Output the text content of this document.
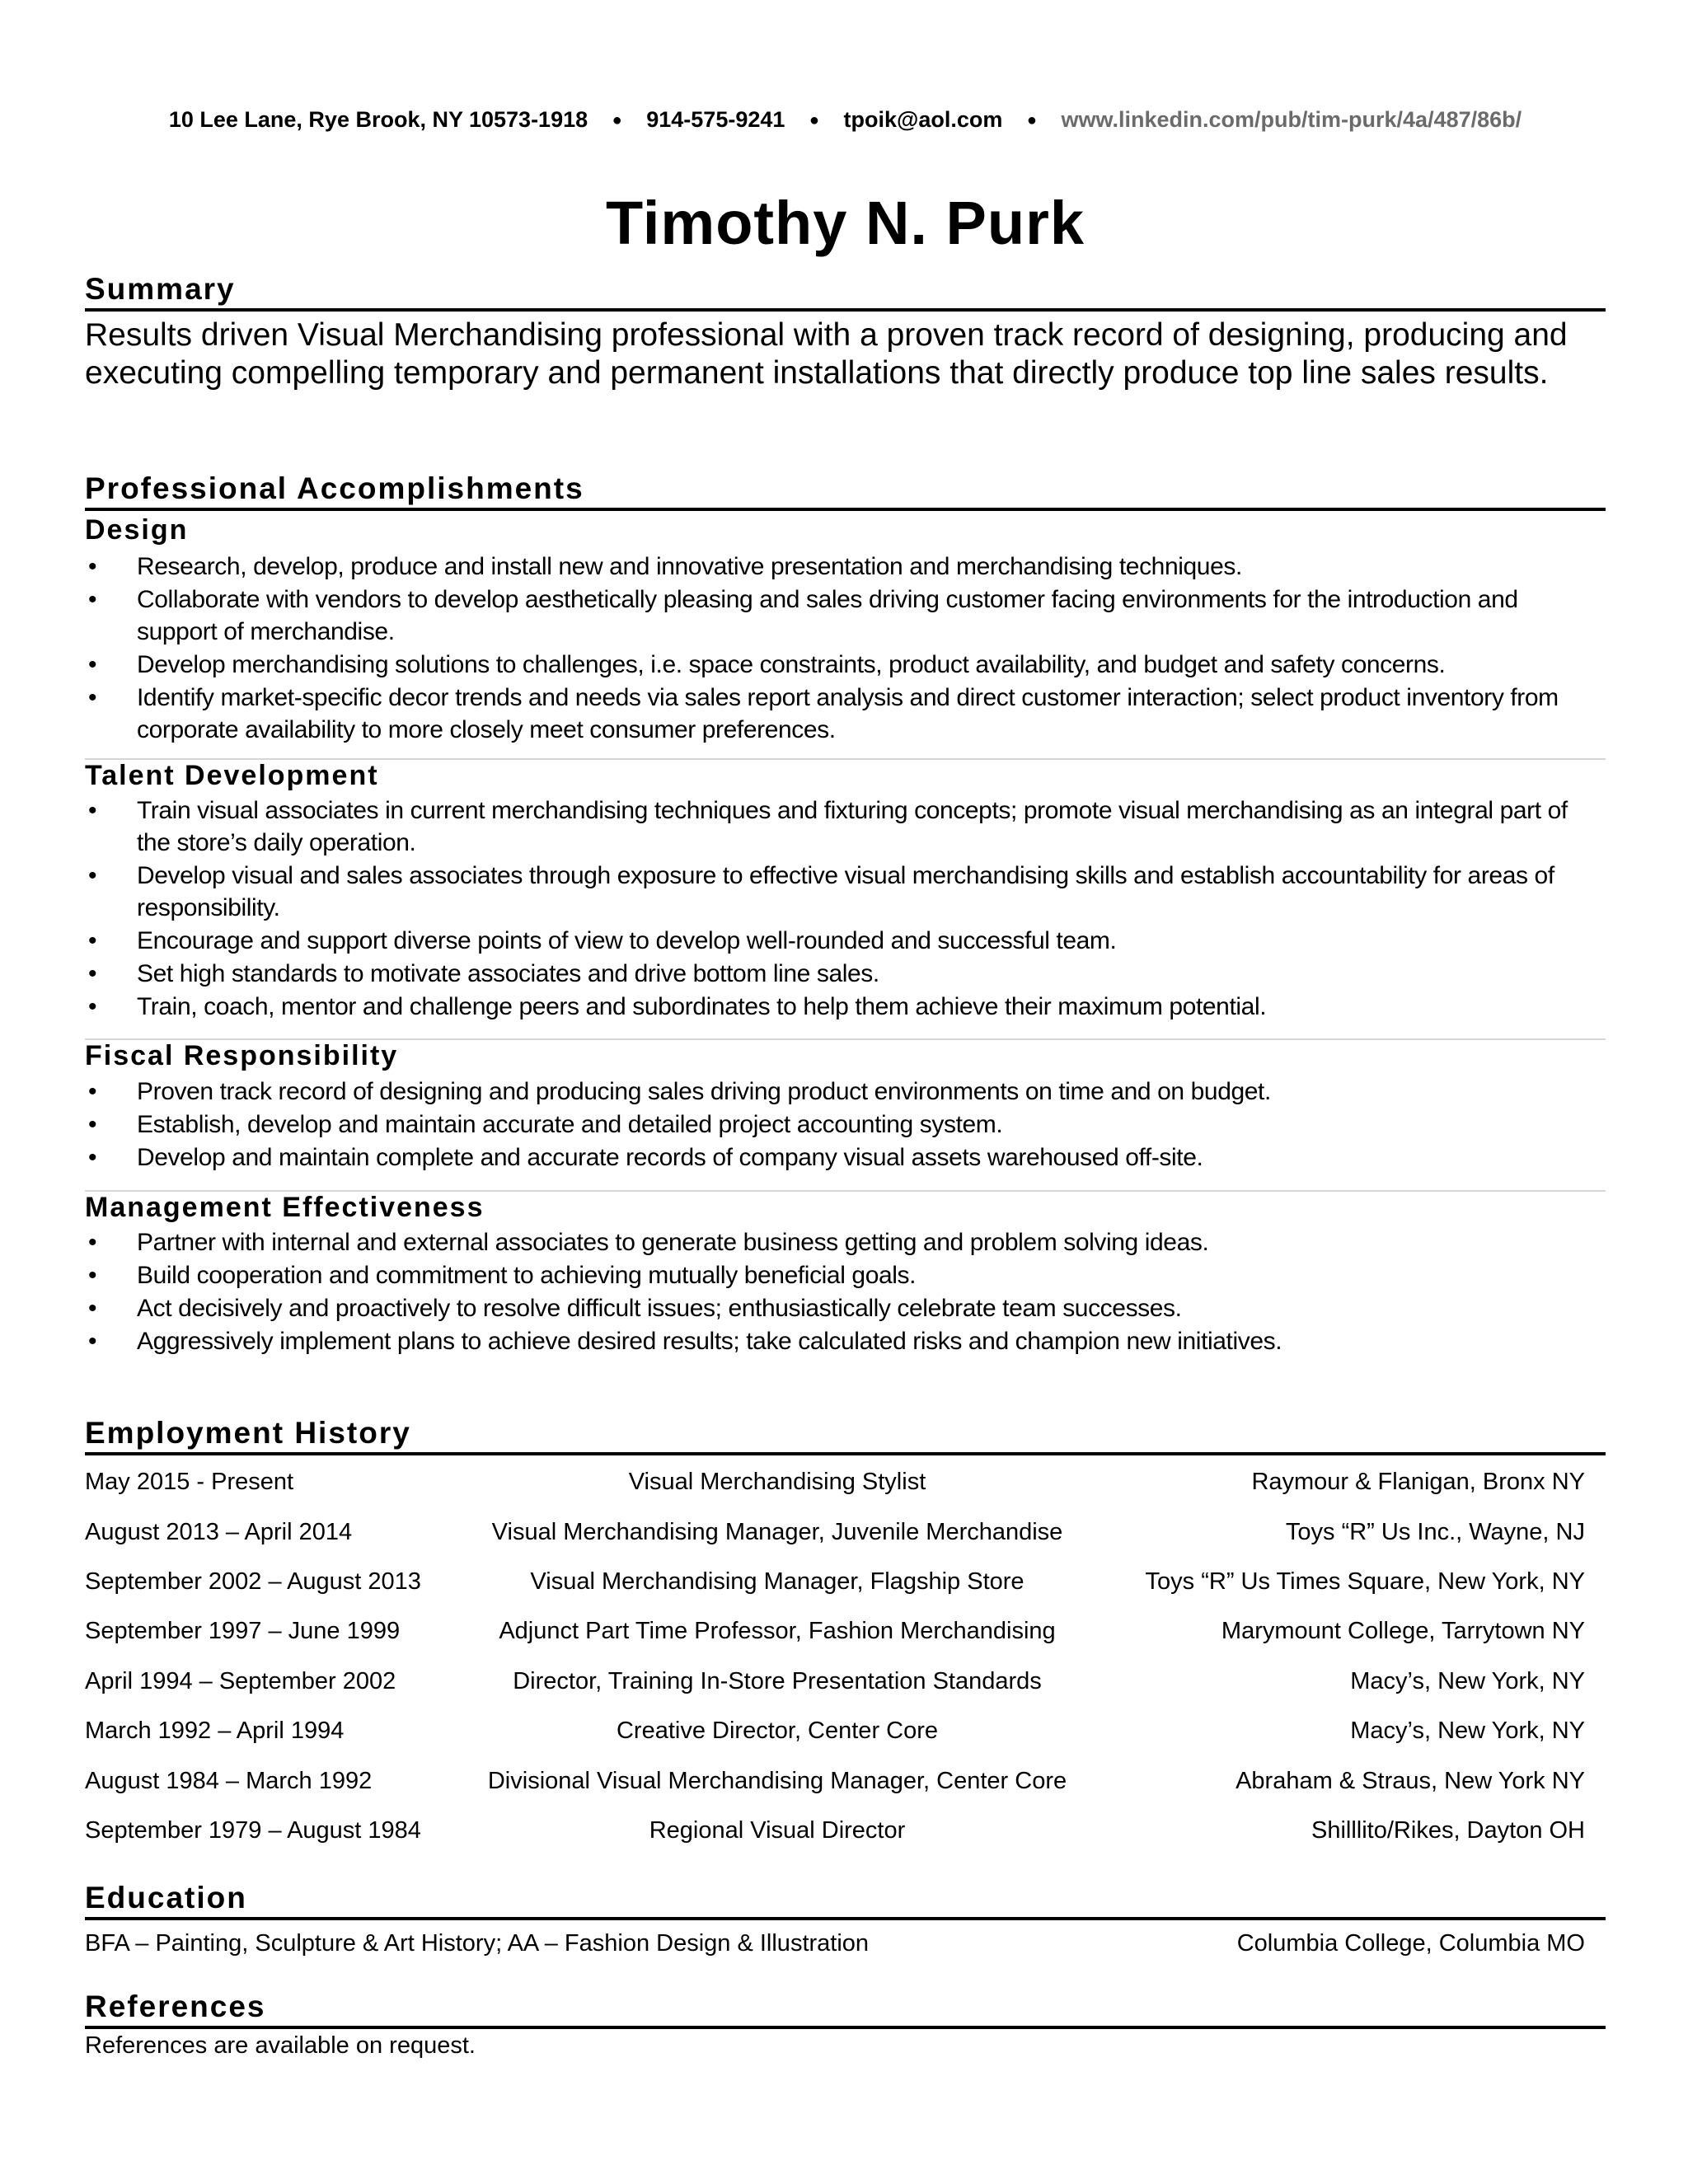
10 Lee Lane, Rye Brook, NY 10573-1918 ● 914-575-9241 ● tpoik@aol.com ● www.linkedin.com/pub/tim-purk/4a/487/86b/
Timothy N. Purk
Summary
Results driven Visual Merchandising professional with a proven track record of designing, producing and executing compelling temporary and permanent installations that directly produce top line sales results.
Professional Accomplishments
Design
• Research, develop, produce and install new and innovative presentation and merchandising techniques.
• Collaborate with vendors to develop aesthetically pleasing and sales driving customer facing environments for the introduction and support of merchandise.
• Develop merchandising solutions to challenges, i.e. space constraints, product availability, and budget and safety concerns.
• Identify market-specific decor trends and needs via sales report analysis and direct customer interaction; select product inventory from corporate availability to more closely meet consumer preferences.
Talent Development
• Train visual associates in current merchandising techniques and fixturing concepts; promote visual merchandising as an integral part of the store’s daily operation.
• Develop visual and sales associates through exposure to effective visual merchandising skills and establish accountability for areas of responsibility.
• Encourage and support diverse points of view to develop well-rounded and successful team.
• Set high standards to motivate associates and drive bottom line sales.
• Train, coach, mentor and challenge peers and subordinates to help them achieve their maximum potential.
Fiscal Responsibility
• Proven track record of designing and producing sales driving product environments on time and on budget.
• Establish, develop and maintain accurate and detailed project accounting system.
• Develop and maintain complete and accurate records of company visual assets warehoused off-site.
Management Effectiveness
• Partner with internal and external associates to generate business getting and problem solving ideas.
• Build cooperation and commitment to achieving mutually beneficial goals.
• Act decisively and proactively to resolve difficult issues; enthusiastically celebrate team successes.
• Aggressively implement plans to achieve desired results; take calculated risks and champion new initiatives.
Employment History
May 2015 - Present	Visual Merchandising Stylist	Raymour & Flanigan, Bronx NY
August 2013 – April 2014	Visual Merchandising Manager, Juvenile Merchandise	Toys “R” Us Inc., Wayne, NJ
September 2002 – August 2013	Visual Merchandising Manager, Flagship Store	Toys “R” Us Times Square, New York, NY
September 1997 – June 1999	Adjunct Part Time Professor, Fashion Merchandising	Marymount College, Tarrytown NY
April 1994 – September 2002	Director, Training In-Store Presentation Standards	Macy’s, New York, NY
March 1992 – April 1994	Creative Director, Center Core	Macy’s, New York, NY
August 1984 – March 1992	Divisional Visual Merchandising Manager, Center Core	Abraham & Straus, New York NY
September 1979 – August 1984	Regional Visual Director	Shilllito/Rikes, Dayton OH
Education
BFA – Painting, Sculpture & Art History; AA – Fashion Design & Illustration	Columbia College, Columbia MO
References
References are available on request.
